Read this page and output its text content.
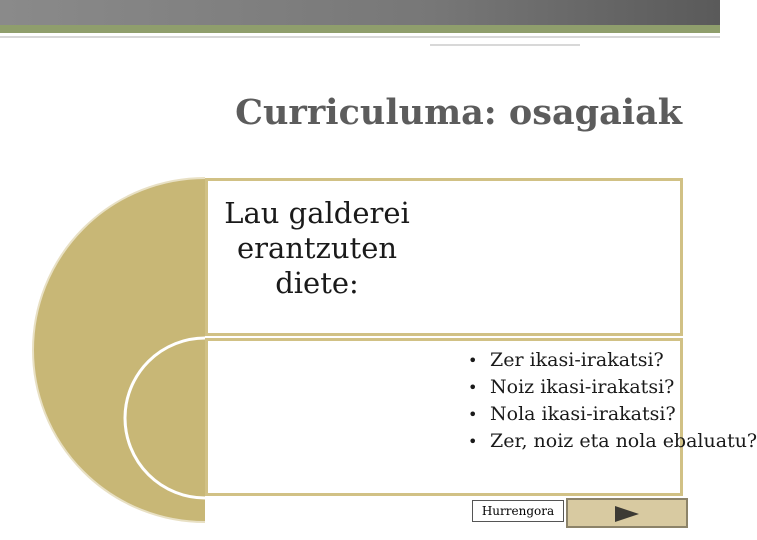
Curriculuma: osagaiak
Lau galderei erantzuten diete:
• Zer ikasi-irakatsi?
• Noiz ikasi-irakatsi?
• Nola ikasi-irakatsi?
• Zer, noiz eta nola ebaluatu?
Hurrengora
